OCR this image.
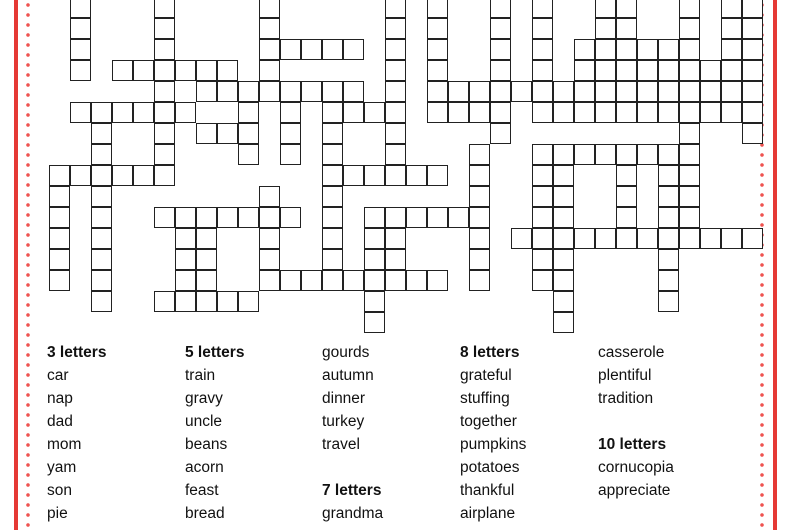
3 letters
car
nap
dad
mom
yam
son
pie
5 letters
train
gravy
uncle
beans
acorn
feast
bread
gourds
autumn
dinner
turkey
travel
7 letters
grandma
8 letters
grateful
stuffing
together
pumpkins
potatoes
thankful
airplane
casserole
plentiful
tradition
10 letters
cornucopia
appreciate
